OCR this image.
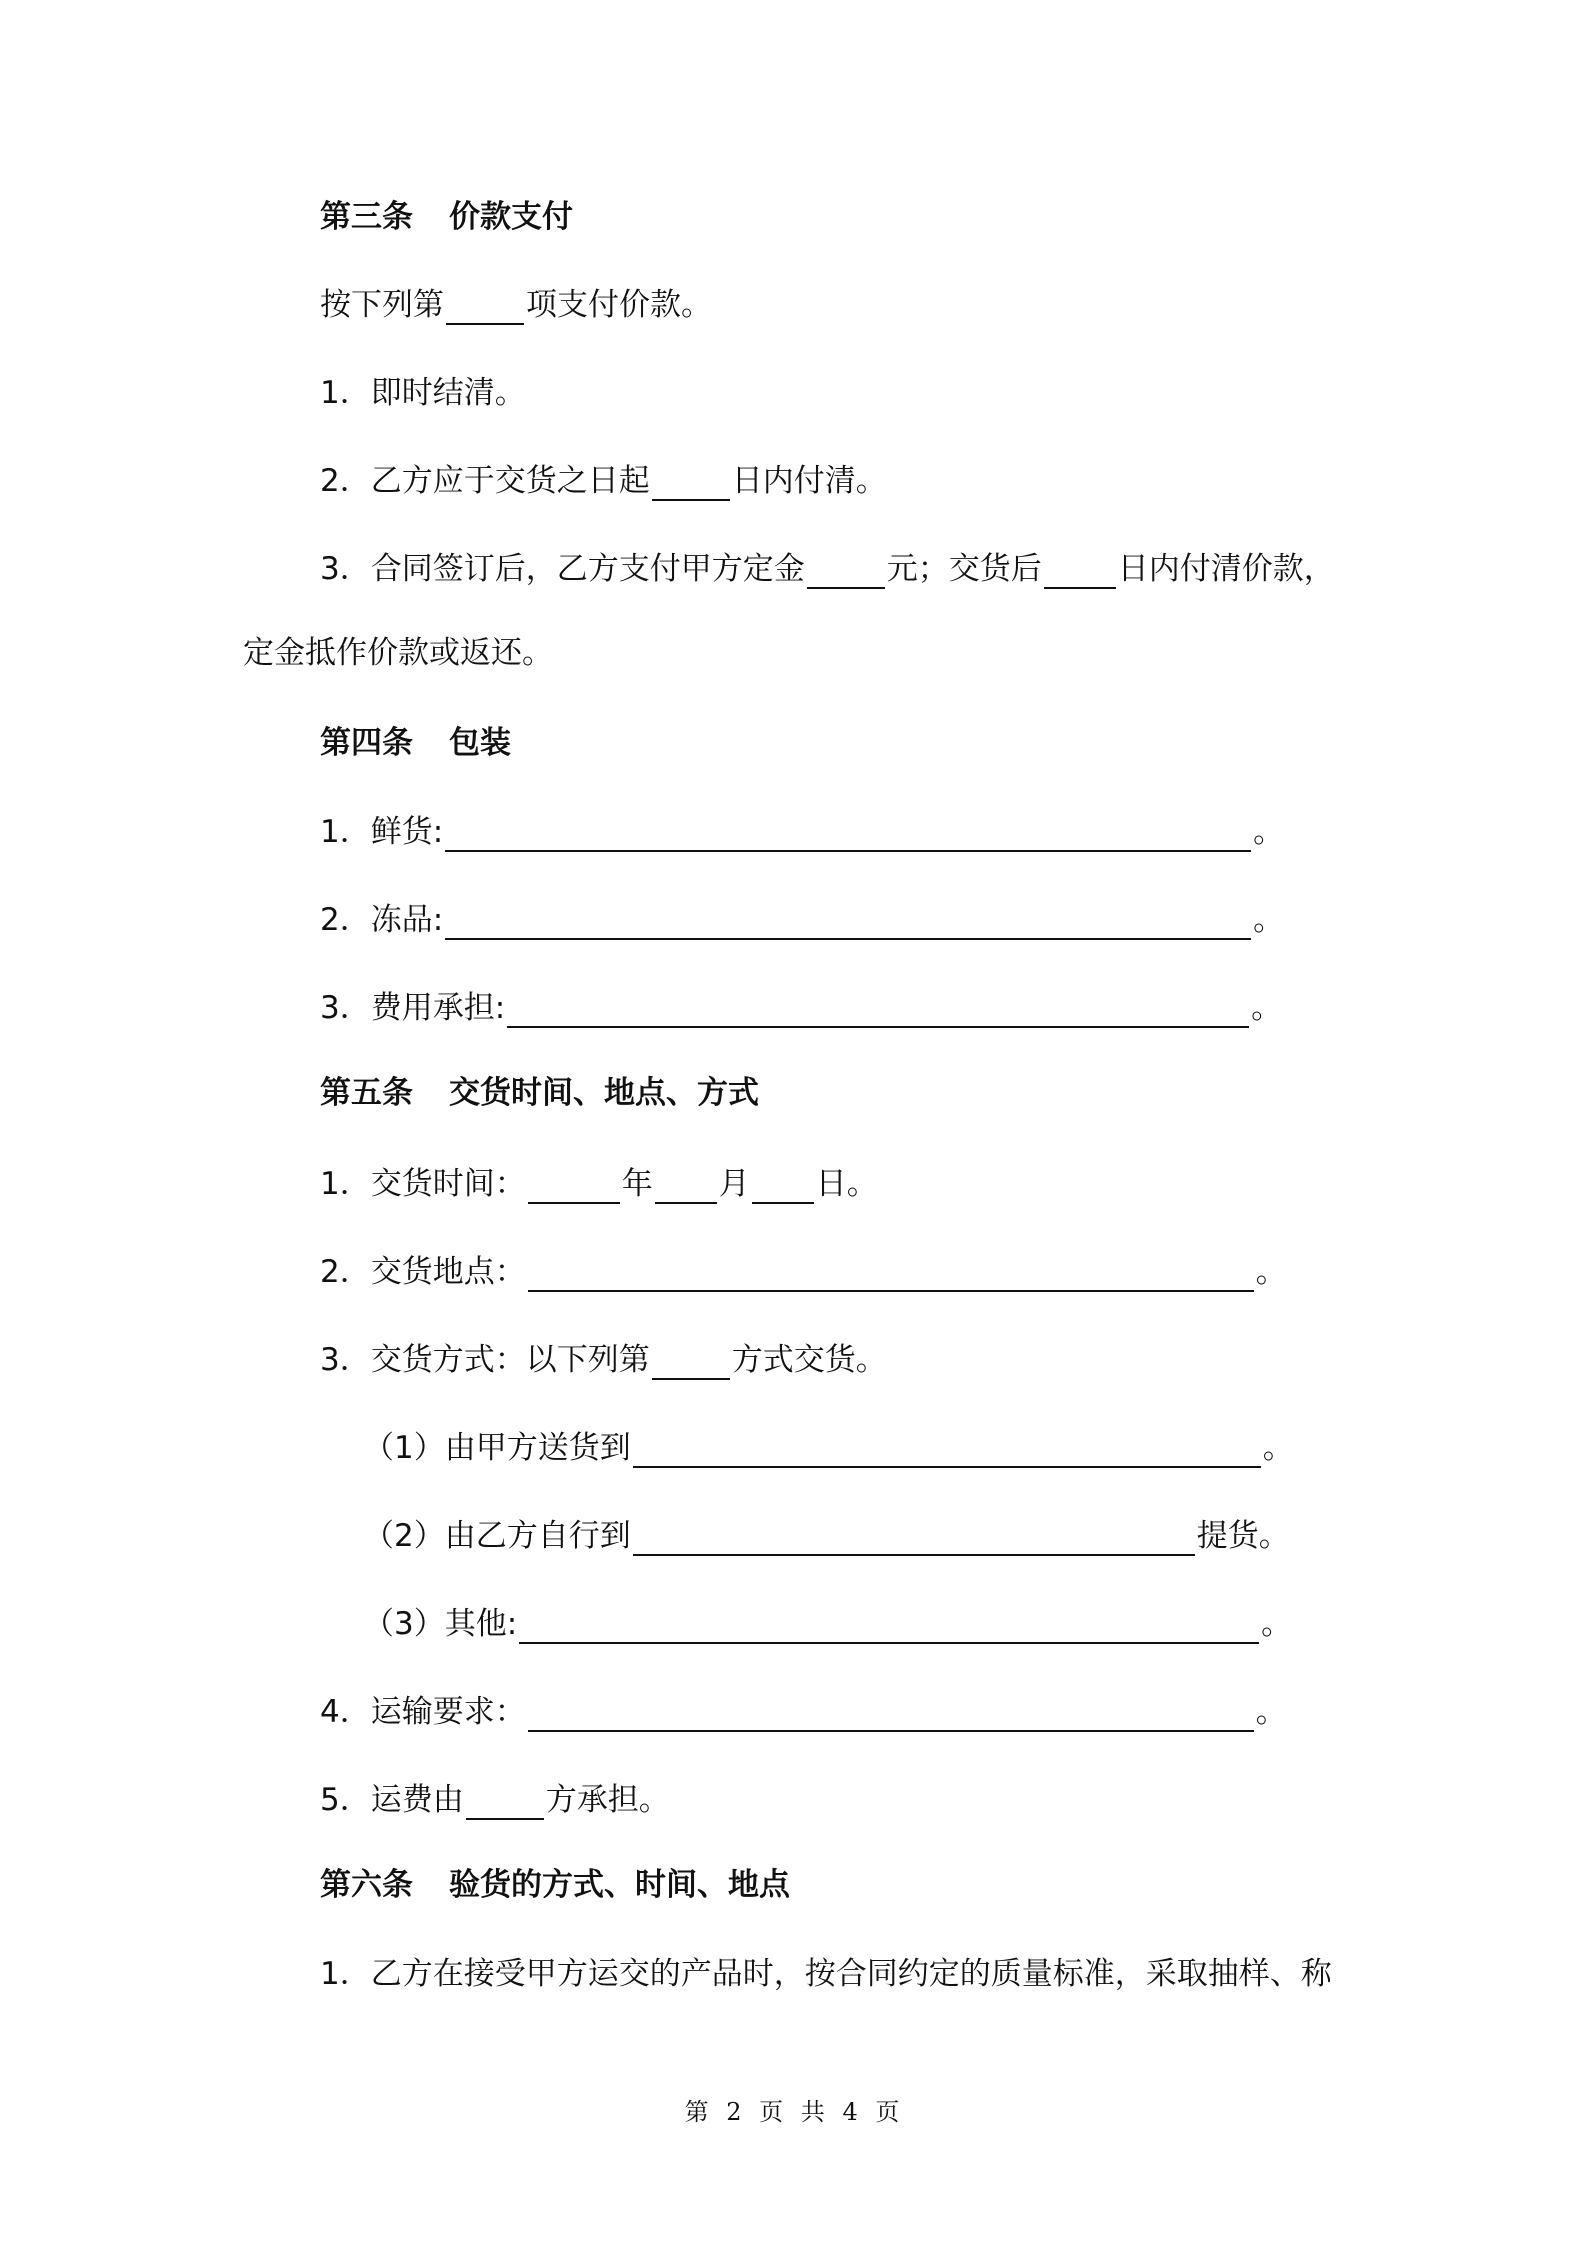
第三条 价款支付
按下列第	项支付价款。
1．即时结清。
2．乙方应于交货之日起	日内付清。
3．合同签订后，乙方支付甲方定金	元；交货后 日内付清价款，
定金抵作价款或返还。
第四条 包装
1．鲜货:	。
2．冻品:	。
3．费用承担:	。
第五条 交货时间、地点、方式
1．交货时间：	年 月 日。
2．交货地点：	。
3．交货方式：以下列第	方式交货。
（1）由甲方送货到	。
（2）由乙方自行到	提货。
（3）其他:	。
4．运输要求：	。
5．运费由	方承担。
第六条 验货的方式、时间、地点
1．乙方在接受甲方运交的产品时，按合同约定的质量标准，采取抽样、称
第 2 页 共 4 页
